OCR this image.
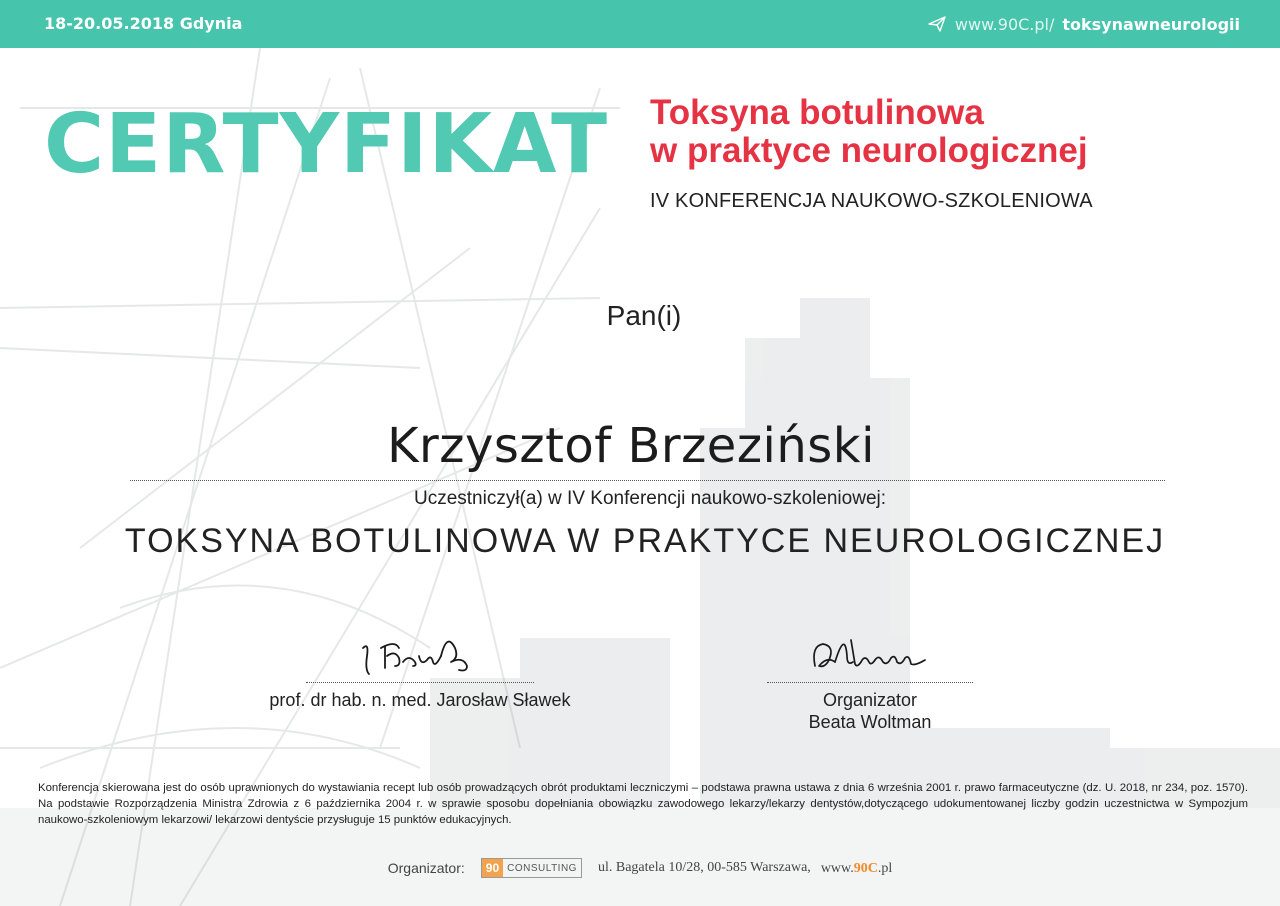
18-20.05.2018 Gdynia	www.90C.pl/ toksynawneurologii
CERTYFIKAT Toksyna botulinowa
w praktyce neurologicznej
IV KONFERENCJA NAUKOWO-SZKOLENIOWA
Pan(i)
Krzysztof Brzeziński
Uczestniczył(a) w IV Konferencji naukowo-szkoleniowej:
TOKSYNA BOTULINOWA W PRAKTYCE NEUROLOGICZNEJ
prof. dr hab. n. med. Jarosław Sławek	Organizator
Beata Woltman
Konferencja skierowana jest do osób uprawnionych do wystawiania recept lub osób prowadzących obrót produktami leczniczymi – podstawa prawna ustawa z dnia 6 września 2001 r. prawo farmaceutyczne (dz. U. 2018, nr 234, poz. 1570). Na podstawie Rozporządzenia Ministra Zdrowia z 6 października 2004 r. w sprawie sposobu dopełniania obowiązku zawodowego lekarzy/lekarzy dentystów,dotyczącego udokumentowanej liczby godzin uczestnictwa w Sympozjum naukowo-szkoleniowym lekarzowi/ lekarzowi dentyście przysługuje 15 punktów edukacyjnych.
Organizator:	90 CONSULTING ul. Bagatela 10/28, 00-585 Warszawa, www.90C.pl
